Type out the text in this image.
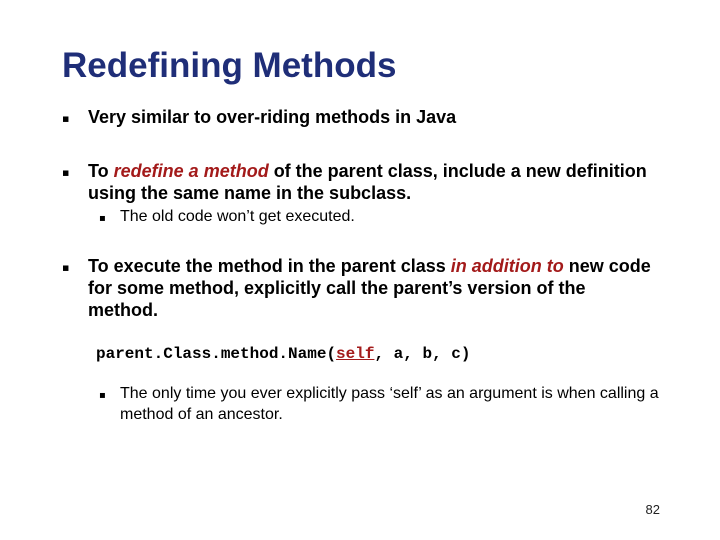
Redefining Methods
▪ Very similar to over-riding methods in Java
▪ To redefine a method of the parent class, include a new definition using the same name in the subclass.
▪ The old code won’t get executed.
▪ To execute the method in the parent class in addition to new code for some method, explicitly call the parent’s version of the method.
parent.Class.method.Name(self, a, b, c)
▪ The only time you ever explicitly pass ‘self’ as an argument is when calling a method of an ancestor.
82
